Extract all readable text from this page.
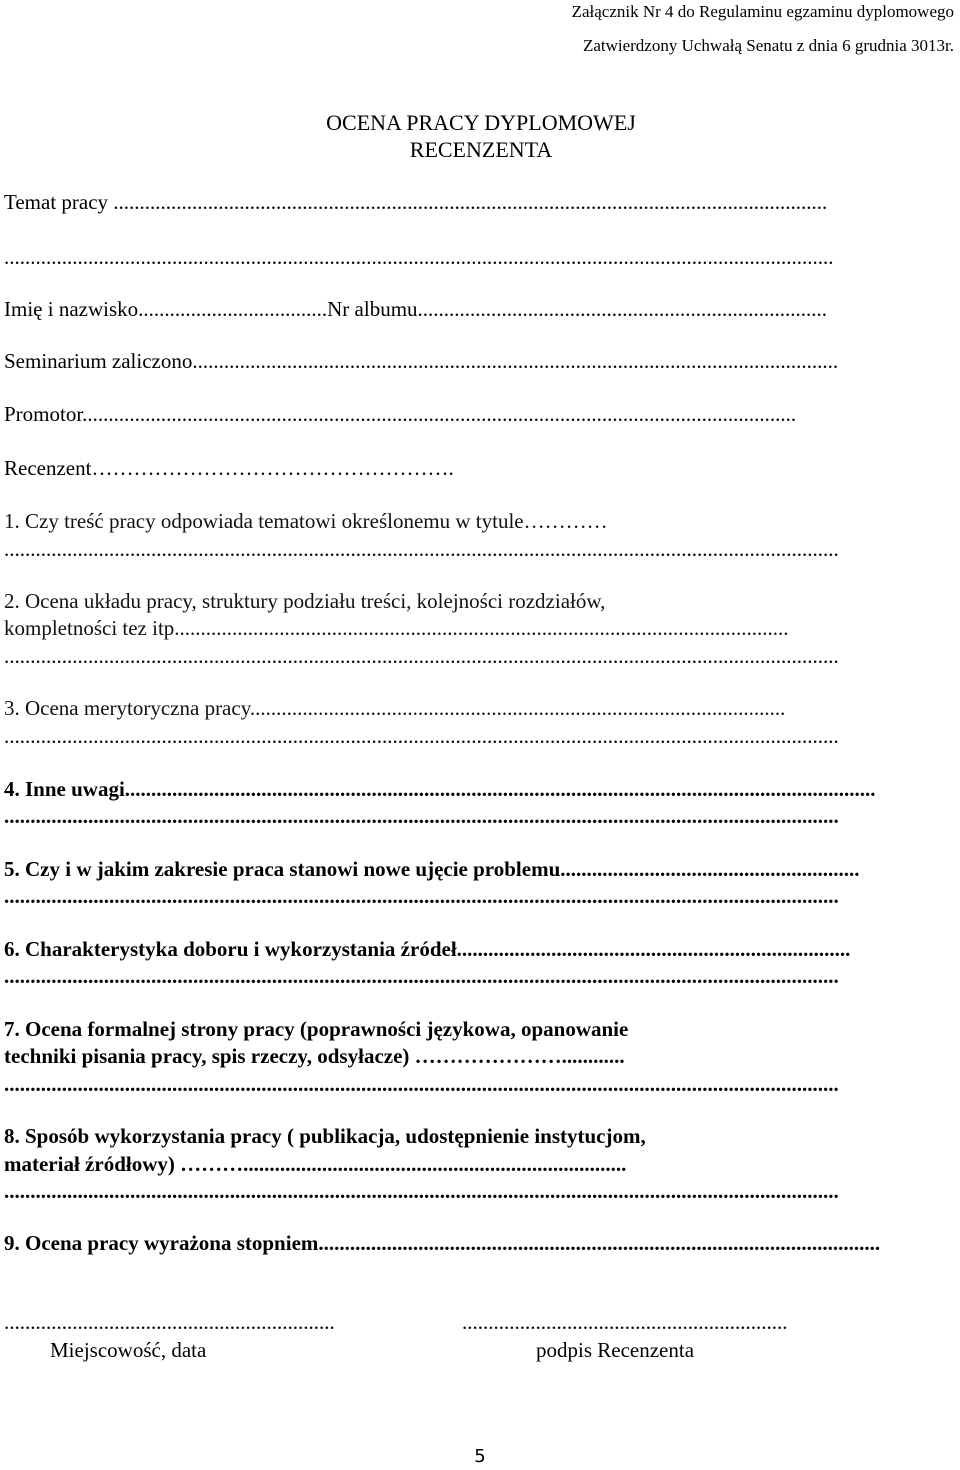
Załącznik Nr 4 do Regulaminu egzaminu dyplomowego
Zatwierdzony Uchwałą Senatu z dnia 6 grudnia 3013r.
OCENA PRACY DYPLOMOWEJ
RECENZENTA
Temat pracy ........................................................................................................................................
..............................................................................................................................................................
Imię i nazwisko....................................Nr albumu..............................................................................
Seminarium zaliczono...........................................................................................................................
Promotor........................................................................................................................................
Recenzent…………………………………………….
1. Czy treść pracy odpowiada tematowi określonemu w tytule…………
...............................................................................................................................................................
2. Ocena układu pracy, struktury podziału treści, kolejności rozdziałów,
kompletności tez itp.....................................................................................................................
...............................................................................................................................................................
3. Ocena merytoryczna pracy......................................................................................................
...............................................................................................................................................................
4. Inne uwagi...............................................................................................................................................
...............................................................................................................................................................
5. Czy i w jakim zakresie praca stanowi nowe ujęcie problemu.........................................................
...............................................................................................................................................................
6. Charakterystyka doboru i wykorzystania źródeł...........................................................................
...............................................................................................................................................................
7. Ocena formalnej strony pracy (poprawności językowa, opanowanie
techniki pisania pracy, spis rzeczy, odsyłacze) …………………............
...............................................................................................................................................................
8. Sposób wykorzystania pracy ( publikacja, udostępnienie instytucjom,
materiał źródłowy) ……….........................................................................
...............................................................................................................................................................
9. Ocena pracy wyrażona stopniem...........................................................................................................
...............................................................	..............................................................
Miejscowość, data	podpis Recenzenta
5
